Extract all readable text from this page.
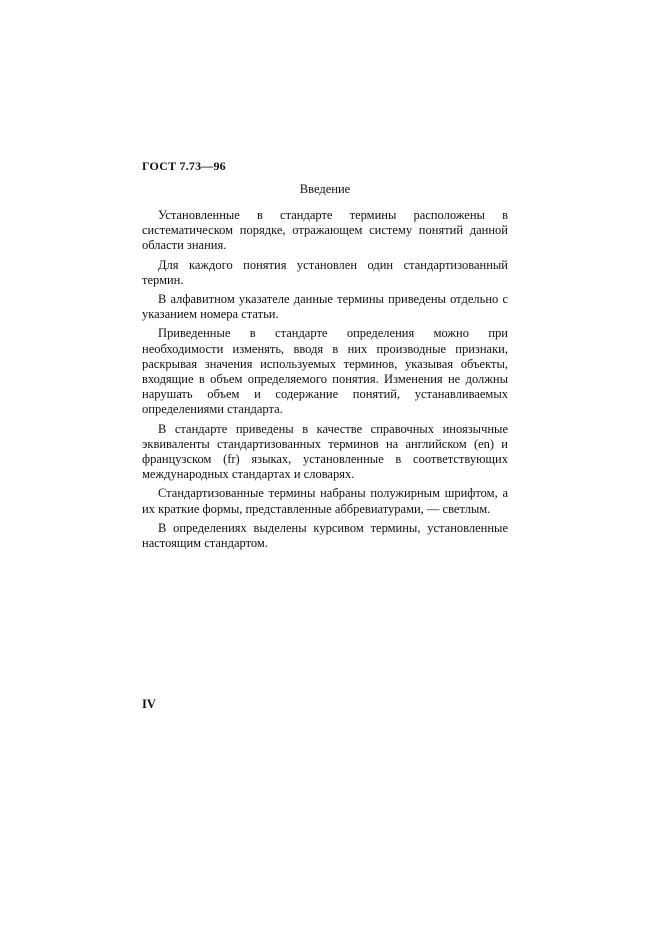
ГОСТ 7.73—96
Введение

Установленные в стандарте термины расположены в систематическом порядке, отражающем систему понятий данной области знания.

Для каждого понятия установлен один стандартизованный термин.

В алфавитном указателе данные термины приведены отдельно с указанием номера статьи.

Приведенные в стандарте определения можно при необходимости изменять, вводя в них производные признаки, раскрывая значения используемых терминов, указывая объекты, входящие в объем определяемого понятия. Изменения не должны нарушать объем и содержание понятий, устанавливаемых определениями стандарта.

В стандарте приведены в качестве справочных иноязычные эквиваленты стандартизованных терминов на английском (en) и французском (fr) языках, установленные в соответствующих международных стандартах и словарях.

Стандартизованные термины набраны полужирным шрифтом, а их краткие формы, представленные аббревиатурами, — светлым.

В определениях выделены курсивом термины, установленные настоящим стандартом.

IV
